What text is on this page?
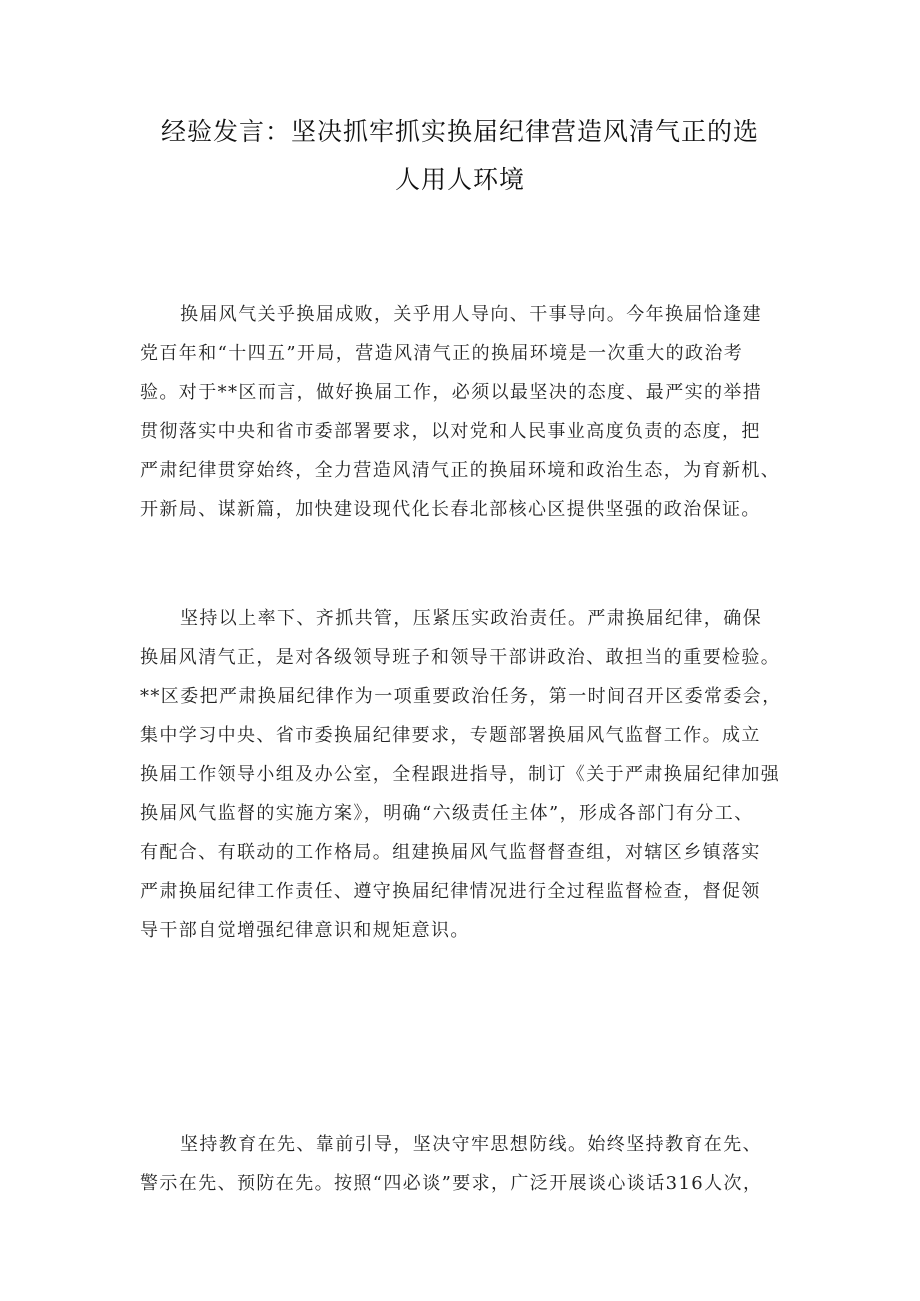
经验发言：坚决抓牢抓实换届纪律营造风清气正的选
人用人环境
换届风气关乎换届成败，关乎用人导向、干事导向。今年换届恰逢建
党百年和“十四五”开局，营造风清气正的换届环境是一次重大的政治考
验。对于**区而言，做好换届工作，必须以最坚决的态度、最严实的举措
贯彻落实中央和省市委部署要求，以对党和人民事业高度负责的态度，把
严肃纪律贯穿始终，全力营造风清气正的换届环境和政治生态，为育新机、
开新局、谋新篇，加快建设现代化长春北部核心区提供坚强的政治保证。
坚持以上率下、齐抓共管，压紧压实政治责任。严肃换届纪律，确保
换届风清气正，是对各级领导班子和领导干部讲政治、敢担当的重要检验。
**区委把严肃换届纪律作为一项重要政治任务，第一时间召开区委常委会，
集中学习中央、省市委换届纪律要求，专题部署换届风气监督工作。成立
换届工作领导小组及办公室，全程跟进指导，制订《关于严肃换届纪律加强
换届风气监督的实施方案》，明确“六级责任主体”，形成各部门有分工、
有配合、有联动的工作格局。组建换届风气监督督查组，对辖区乡镇落实
严肃换届纪律工作责任、遵守换届纪律情况进行全过程监督检查，督促领
导干部自觉增强纪律意识和规矩意识。
坚持教育在先、靠前引导，坚决守牢思想防线。始终坚持教育在先、
警示在先、预防在先。按照“四必谈”要求，广泛开展谈心谈话316人次，
